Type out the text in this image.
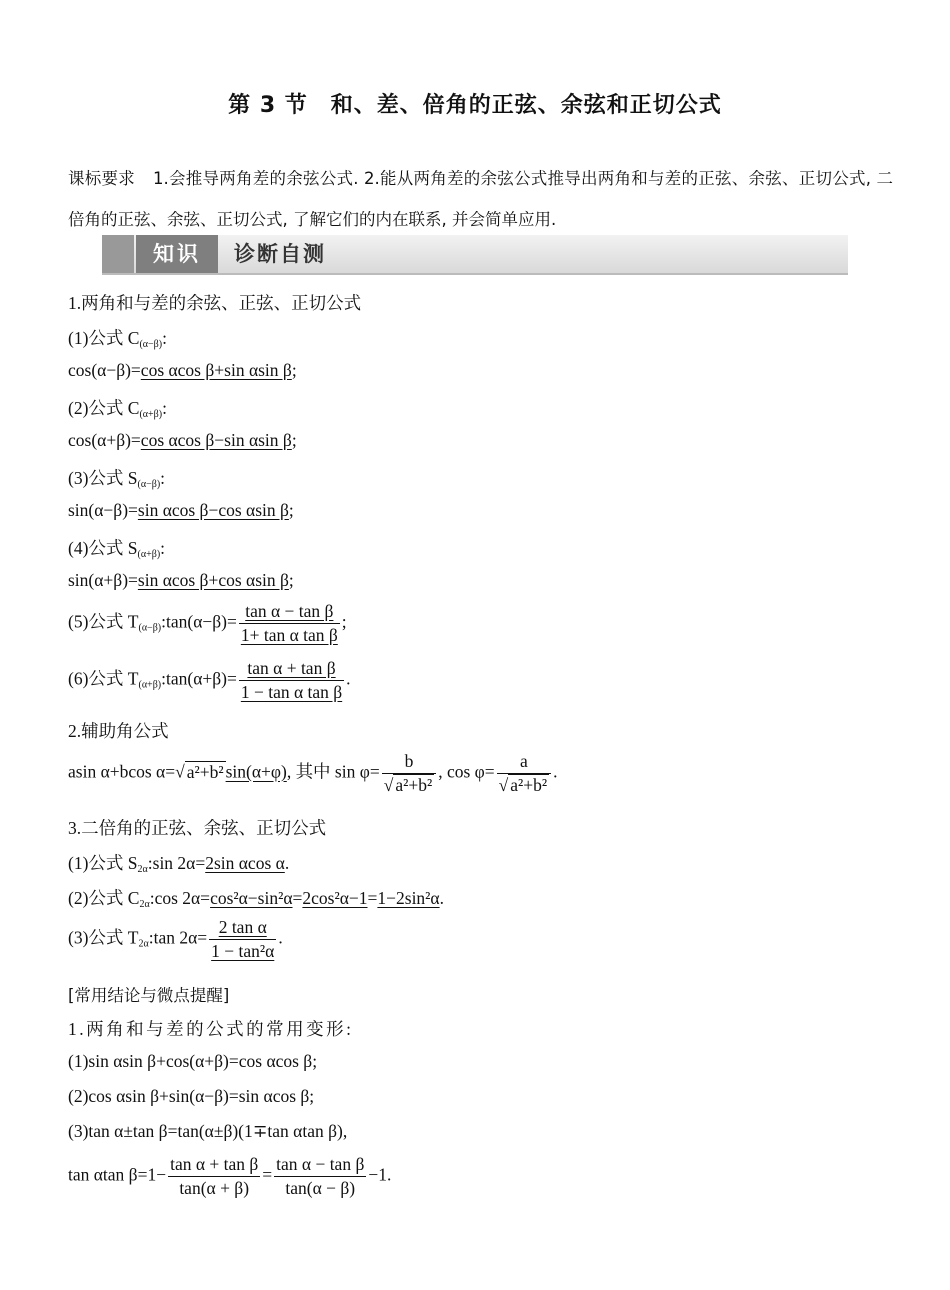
第 3 节　和、差、倍角的正弦、余弦和正切公式
课标要求 1.会推导两角差的余弦公式. 2.能从两角差的余弦公式推导出两角和与差的正弦、余弦、正切公式, 二倍角的正弦、余弦、正切公式, 了解它们的内在联系, 并会简单应用.
知识	诊断自测
1.两角和与差的余弦、正弦、正切公式
(1)公式 $C_{(\alpha-\beta)}$:
cos(α−β)=cos αcos β+sin αsin β;
(2)公式 $C_{(\alpha+\beta)}$:
cos(α+β)=cos αcos β−sin αsin β;
(3)公式 $S_{(\alpha-\beta)}$:
sin(α−β)=sin αcos β−cos αsin β;
(4)公式 $S_{(\alpha+\beta)}$:
sin(α+β)=sin αcos β+cos αsin β;
(5)公式 $T_{(\alpha-\beta)}:\tan(\alpha-\beta)= \frac{\text{tan α − tan β}}{\text{1+ tan α tan β}}$ ;
(6)公式 $T_{(\alpha+\beta)}:\tan(\alpha+\beta)= \frac{\text{tan α + tan β}}{\text{1 − tan α tan β}}$ .
2.辅助角公式
asin α+bcos α=√ a²+b² sin(α+φ), 其中 $\sin \varphi= \frac{b}{\text{√ a²+b²}}$ , $\cos \varphi= \frac{a}{\text{√ a²+b²}}$ .
3.二倍角的正弦、余弦、正切公式
(1)公式 $S_{2\alpha}:\sin$ 2α=2sin αcos α.
(2)公式 $C_{2\alpha}:\cos$ 2α=cos²α−sin²α=2cos²α−1=1−2sin²α.
(3)公式 $T_{2\alpha}:\tan$ $2\alpha= \frac{\text{2 tan α}}{\text{1 − tan²α}}$ .
[常用结论与微点提醒]
1.两角和与差的公式的常用变形:
(1)sin αsin β+cos(α+β)=cos αcos β;
(2)cos αsin β+sin(α−β)=sin αcos β;
(3)tan α±tan β=tan(α±β)(1∓tan αtan β),
tan αtan $\beta=1- \frac{\text{tan α + tan β}}{\tan(\alpha + \beta)} = \frac{\text{tan α − tan β}}{\tan(\alpha - \beta)} -1$.
